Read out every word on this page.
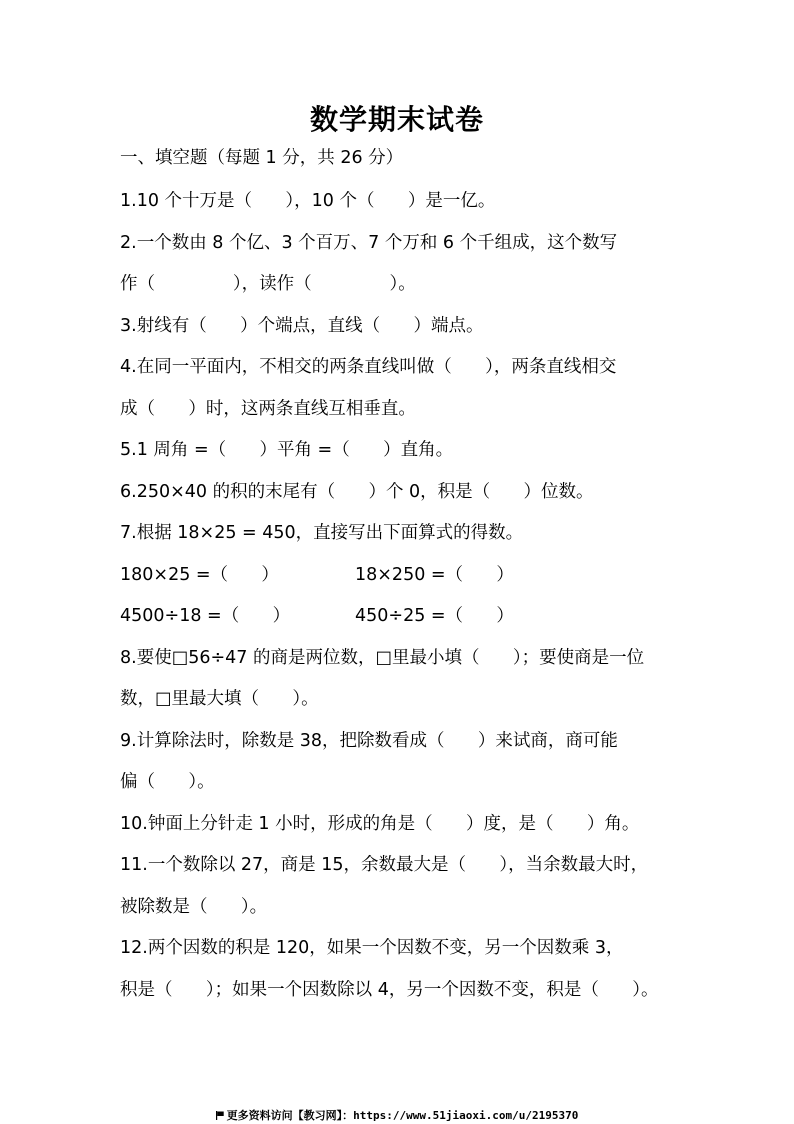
数学期末试卷
一、填空题（每题 1 分，共 26 分）
1.10 个十万是（      ），10 个（      ）是一亿。
2.一个数由 8 个亿、3 个百万、7 个万和 6 个千组成，这个数写
作（              ），读作（              ）。
3.射线有（      ）个端点，直线（      ）端点。
4.在同一平面内，不相交的两条直线叫做（      ），两条直线相交
成（      ）时，这两条直线互相垂直。
5.1 周角 =（      ）平角 =（      ）直角。
6.250×40 的积的末尾有（      ）个 0，积是（      ）位数。
7.根据 18×25 = 450，直接写出下面算式的得数。
180×25 =（      ）	18×250 =（      ）
4500÷18 =（      ）	450÷25 =（      ）
8.要使□56÷47 的商是两位数，□里最小填（      ）；要使商是一位
数，□里最大填（      ）。
9.计算除法时，除数是 38，把除数看成（      ）来试商，商可能
偏（      ）。
10.钟面上分针走 1 小时，形成的角是（      ）度，是（      ）角。
11.一个数除以 27，商是 15，余数最大是（      ），当余数最大时，
被除数是（      ）。
12.两个因数的积是 120，如果一个因数不变，另一个因数乘 3，
积是（      ）；如果一个因数除以 4，另一个因数不变，积是（      ）。
更多资料访问【教习网】：https://www.51jiaoxi.com/u/2195370
